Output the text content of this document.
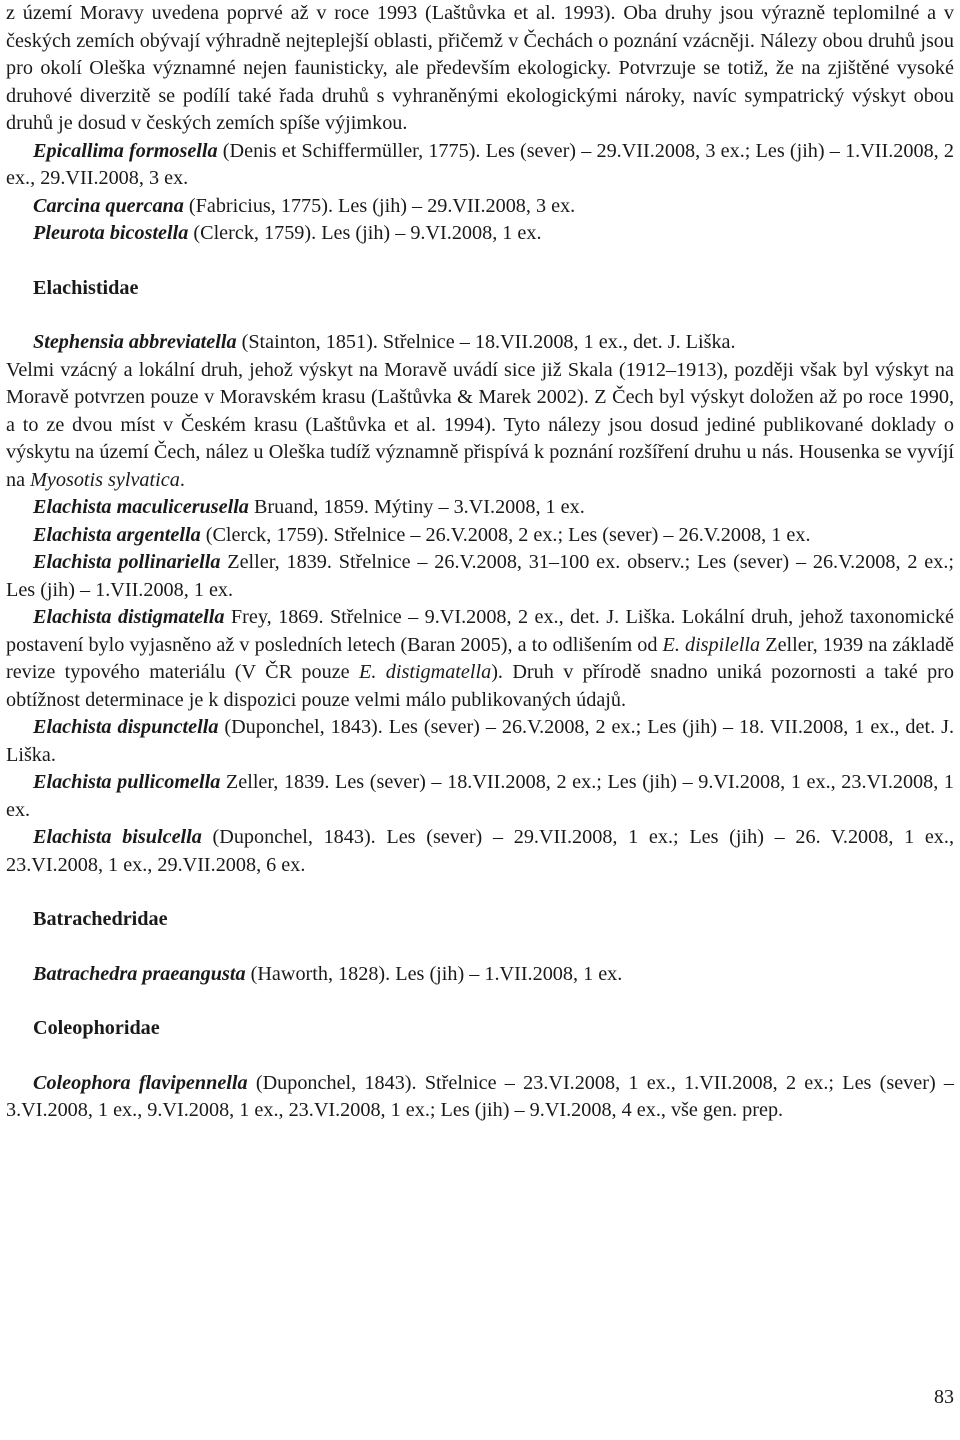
z území Moravy uvedena poprvé až v roce 1993 (Laštůvka et al. 1993). Oba druhy jsou výrazně teplomilné a v českých zemích obývají výhradně nejteplejší oblasti, přičemž v Čechách o poznání vzácněji. Nálezy obou druhů jsou pro okolí Oleška významné nejen faunisticky, ale především ekologicky. Potvrzuje se totiž, že na zjištěné vysoké druhové diverzitě se podílí také řada druhů s vyhraněnými ekologickými nároky, navíc sympatrický výskyt obou druhů je dosud v českých zemích spíše výjimkou.

Epicallima formosella (Denis et Schiffermüller, 1775). Les (sever) – 29.VII.2008, 3 ex.; Les (jih) – 1.VII.2008, 2 ex., 29.VII.2008, 3 ex.

Carcina quercana (Fabricius, 1775). Les (jih) – 29.VII.2008, 3 ex.

Pleurota bicostella (Clerck, 1759). Les (jih) – 9.VI.2008, 1 ex.

Elachistidae

Stephensia abbreviatella (Stainton, 1851). Střelnice – 18.VII.2008, 1 ex., det. J. Liška.

Velmi vzácný a lokální druh, jehož výskyt na Moravě uvádí sice již Skala (1912–1913), později však byl výskyt na Moravě potvrzen pouze v Moravském krasu (Laštůvka & Marek 2002). Z Čech byl výskyt doložen až po roce 1990, a to ze dvou míst v Českém krasu (Laštůvka et al. 1994). Tyto nálezy jsou dosud jediné publikované doklady o výskytu na území Čech, nález u Oleška tudíž významně přispívá k poznání rozšíření druhu u nás. Housenka se vyvíjí na Myosotis sylvatica.

Elachista maculicerusella Bruand, 1859. Mýtiny – 3.VI.2008, 1 ex.

Elachista argentella (Clerck, 1759). Střelnice – 26.V.2008, 2 ex.; Les (sever) – 26.V.2008, 1 ex.

Elachista pollinariella Zeller, 1839. Střelnice – 26.V.2008, 31–100 ex. observ.; Les (sever) – 26.V.2008, 2 ex.; Les (jih) – 1.VII.2008, 1 ex.

Elachista distigmatella Frey, 1869. Střelnice – 9.VI.2008, 2 ex., det. J. Liška. Lokální druh, jehož taxonomické postavení bylo vyjasněno až v posledních letech (Baran 2005), a to odlišením od E. dispilella Zeller, 1939 na základě revize typového materiálu (V ČR pouze E. distigmatella). Druh v přírodě snadno uniká pozornosti a také pro obtížnost determinace je k dispozici pouze velmi málo publikovaných údajů.

Elachista dispunctella (Duponchel, 1843). Les (sever) – 26.V.2008, 2 ex.; Les (jih) – 18. VII.2008, 1 ex., det. J. Liška.

Elachista pullicomella Zeller, 1839. Les (sever) – 18.VII.2008, 2 ex.; Les (jih) – 9.VI.2008, 1 ex., 23.VI.2008, 1 ex.

Elachista bisulcella (Duponchel, 1843). Les (sever) – 29.VII.2008, 1 ex.; Les (jih) – 26. V.2008, 1 ex., 23.VI.2008, 1 ex., 29.VII.2008, 6 ex.

Batrachedridae

Batrachedra praeangusta (Haworth, 1828). Les (jih) – 1.VII.2008, 1 ex.

Coleophoridae

Coleophora flavipennella (Duponchel, 1843). Střelnice – 23.VI.2008, 1 ex., 1.VII.2008, 2 ex.; Les (sever) – 3.VI.2008, 1 ex., 9.VI.2008, 1 ex., 23.VI.2008, 1 ex.; Les (jih) – 9.VI.2008, 4 ex., vše gen. prep.

83
